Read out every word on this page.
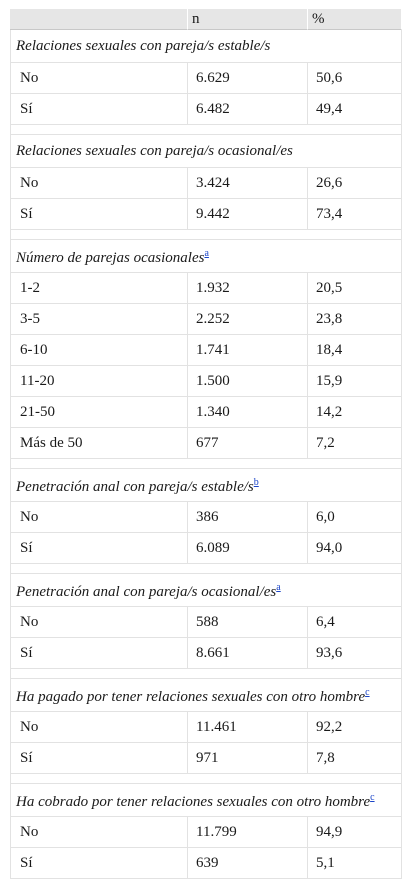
	n	%
Relaciones sexuales con pareja/s estable/s		
No	6.629	50,6
Sí	6.482	49,4

Relaciones sexuales con pareja/s ocasional/es		
No	3.424	26,6
Sí	9.442	73,4

Número de parejas ocasionales$^a$
1-2	1.932	20,5
3-5	2.252	23,8
6-10	1.741	18,4
11-20	1.500	15,9
21-50	1.340	14,2
Más de 50	677	7,2

Penetración anal con pareja/s estable/s$^b$
No	386	6,0
Sí	6.089	94,0

Penetración anal con pareja/s ocasional/es$^a$
No	588	6,4
Sí	8.661	93,6

Ha pagado por tener relaciones sexuales con otro hombre$^c$
No	11.461	92,2
Sí	971	7,8

Ha cobrado por tener relaciones sexuales con otro hombre$^c$
No	11.799	94,9
Sí	639	5,1
